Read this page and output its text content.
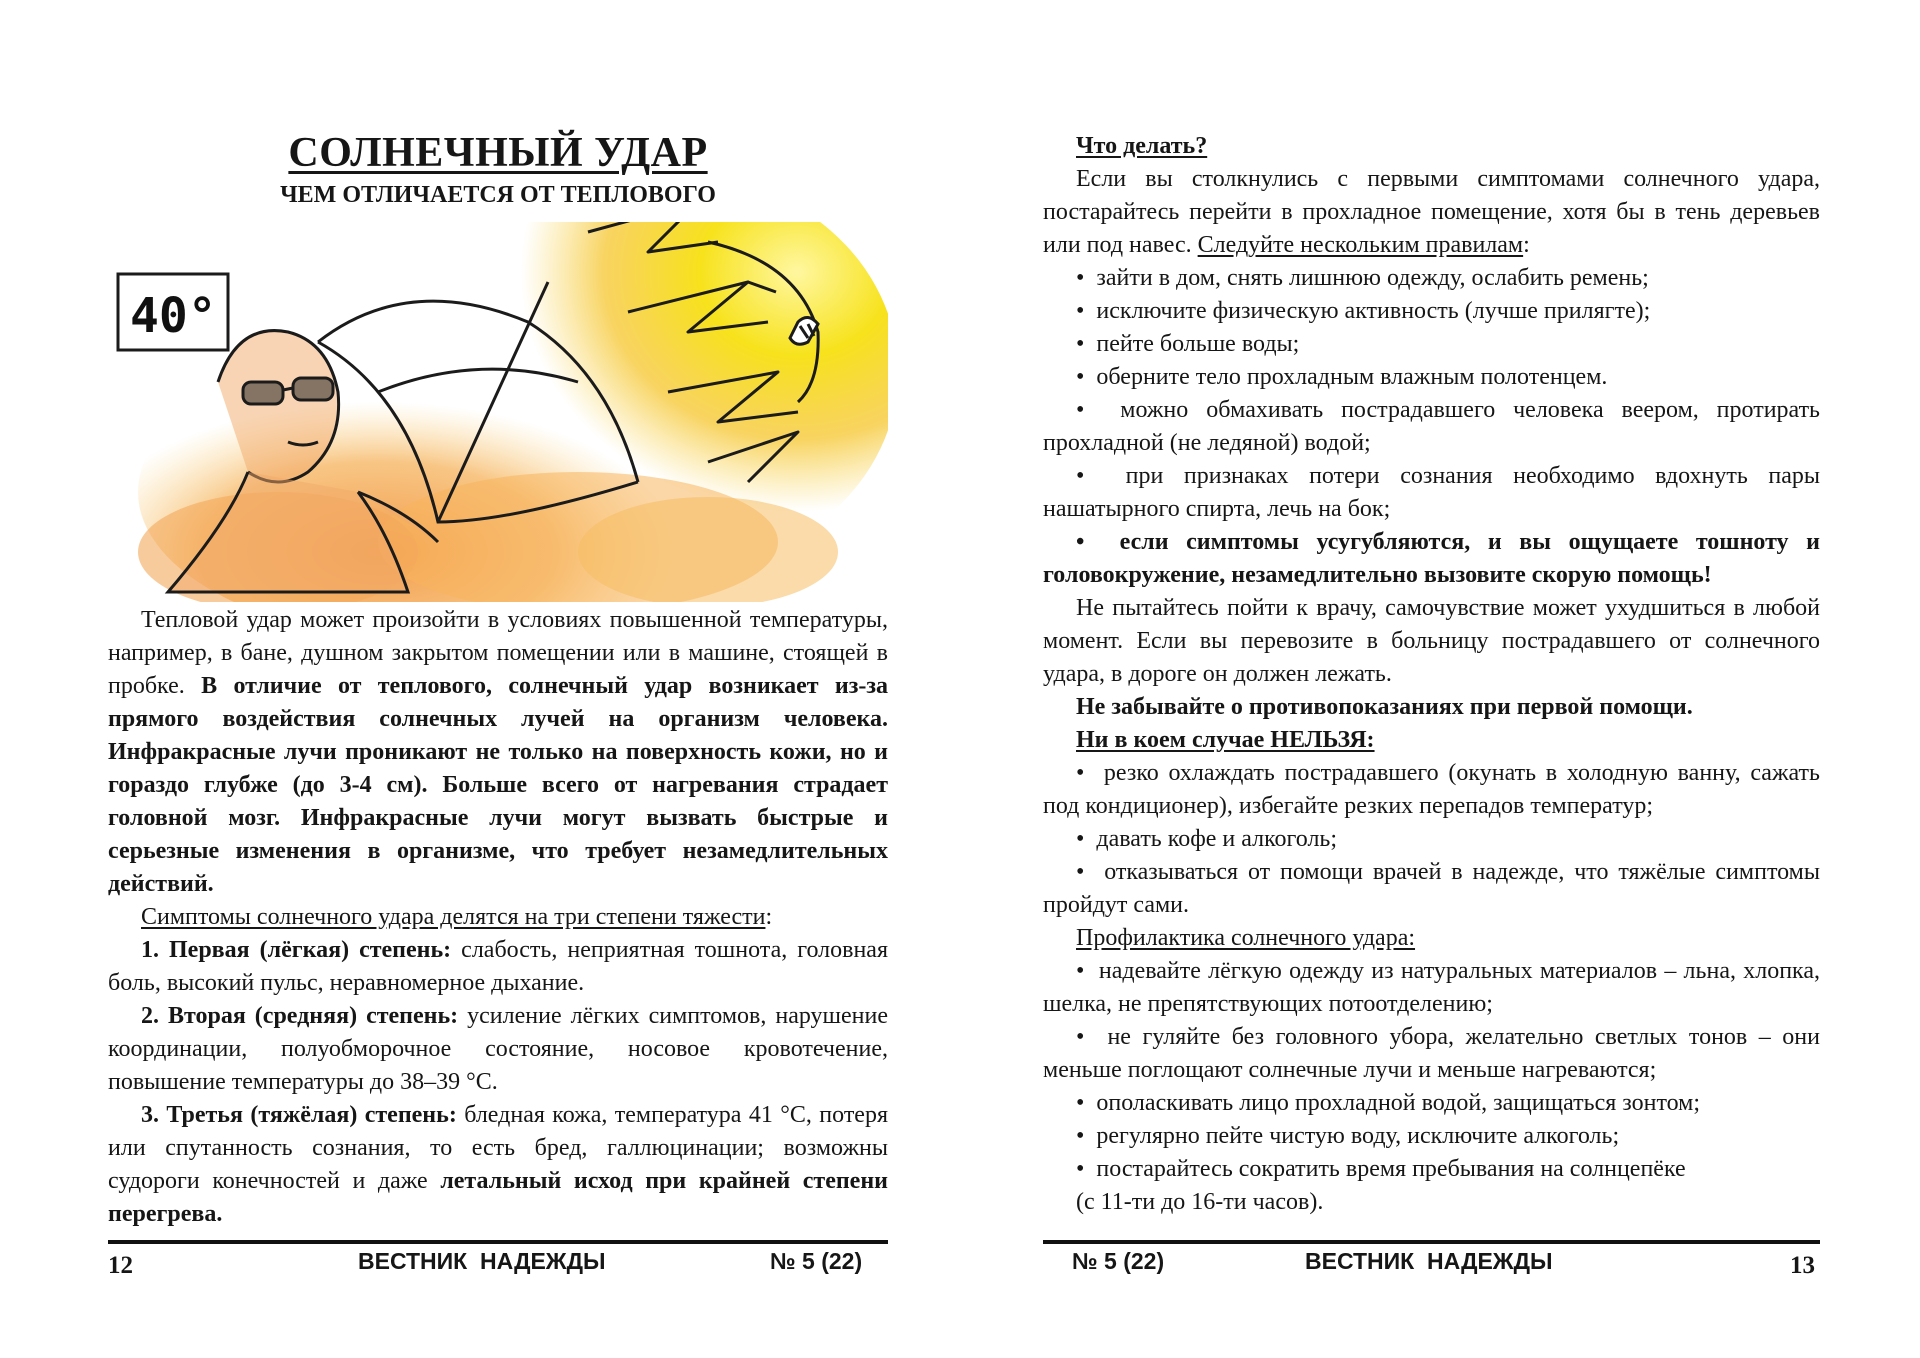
СОЛНЕЧНЫЙ УДАР
ЧЕМ ОТЛИЧАЕТСЯ ОТ ТЕПЛОВОГО
40°

Тепловой удар может произойти в условиях повышенной температуры, например, в бане, душном закрытом помещении или в машине, стоящей в пробке. В отличие от теплового, солнечный удар возникает из-за прямого воздействия солнечных лучей на организм человека. Инфракрасные лучи проникают не только на поверхность кожи, но и гораздо глубже (до 3-4 см). Больше всего от нагревания страдает головной мозг. Инфракрасные лучи могут вызвать быстрые и серьезные изменения в организме, что требует незамедлительных действий.

Симптомы солнечного удара делятся на три степени тяжести:

1. Первая (лёгкая) степень: слабость, неприятная тошнота, головная боль, высокий пульс, неравномерное дыхание.

2. Вторая (средняя) степень: усиление лёгких симптомов, нарушение координации, полуобморочное состояние, носовое кровотечение, повышение температуры до 38–39 °С.

3. Третья (тяжёлая) степень: бледная кожа, температура 41 °С, потеря или спутанность сознания, то есть бред, галлюцинации; возможны судороги конечностей и даже летальный исход при крайней степени перегрева.

12	ВЕСТНИК  НАДЕЖДЫ	№ 5 (22)

Что делать?

Если вы столкнулись с первыми симптомами солнечного удара, постарайтесь перейти в прохладное помещение, хотя бы в тень деревьев или под навес. Следуйте нескольким правилам:

•  зайти в дом, снять лишнюю одежду, ослабить ремень;
•  исключите физическую активность (лучше прилягте);
•  пейте больше воды;
•  оберните тело прохладным влажным полотенцем.
•  можно обмахивать пострадавшего человека веером, протирать прохладной (не ледяной) водой;
•  при признаках потери сознания необходимо вдохнуть пары нашатырного спирта, лечь на бок;
•  если симптомы усугубляются, и вы ощущаете тошноту и головокружение, незамедлительно вызовите скорую помощь!

Не пытайтесь пойти к врачу, самочувствие может ухудшиться в любой момент. Если вы перевозите в больницу пострадавшего от солнечного удара, в дороге он должен лежать.

Не забывайте о противопоказаниях при первой помощи.

Ни в коем случае НЕЛЬЗЯ:

•  резко охлаждать пострадавшего (окунать в холодную ванну, сажать под кондиционер), избегайте резких перепадов температур;
•  давать кофе и алкоголь;
•  отказываться от помощи врачей в надежде, что тяжёлые симптомы пройдут сами.

Профилактика солнечного удара:

•  надевайте лёгкую одежду из натуральных материалов – льна, хлопка, шелка, не препятствующих потоотделению;
•  не гуляйте без головного убора, желательно светлых тонов – они меньше поглощают солнечные лучи и меньше нагреваются;
•  ополаскивать лицо прохладной водой, защищаться зонтом;
•  регулярно пейте чистую воду, исключите алкоголь;
•  постарайтесь сократить время пребывания на солнцепёке
(с 11-ти до 16-ти часов).
№ 5 (22)	ВЕСТНИК  НАДЕЖДЫ	13
